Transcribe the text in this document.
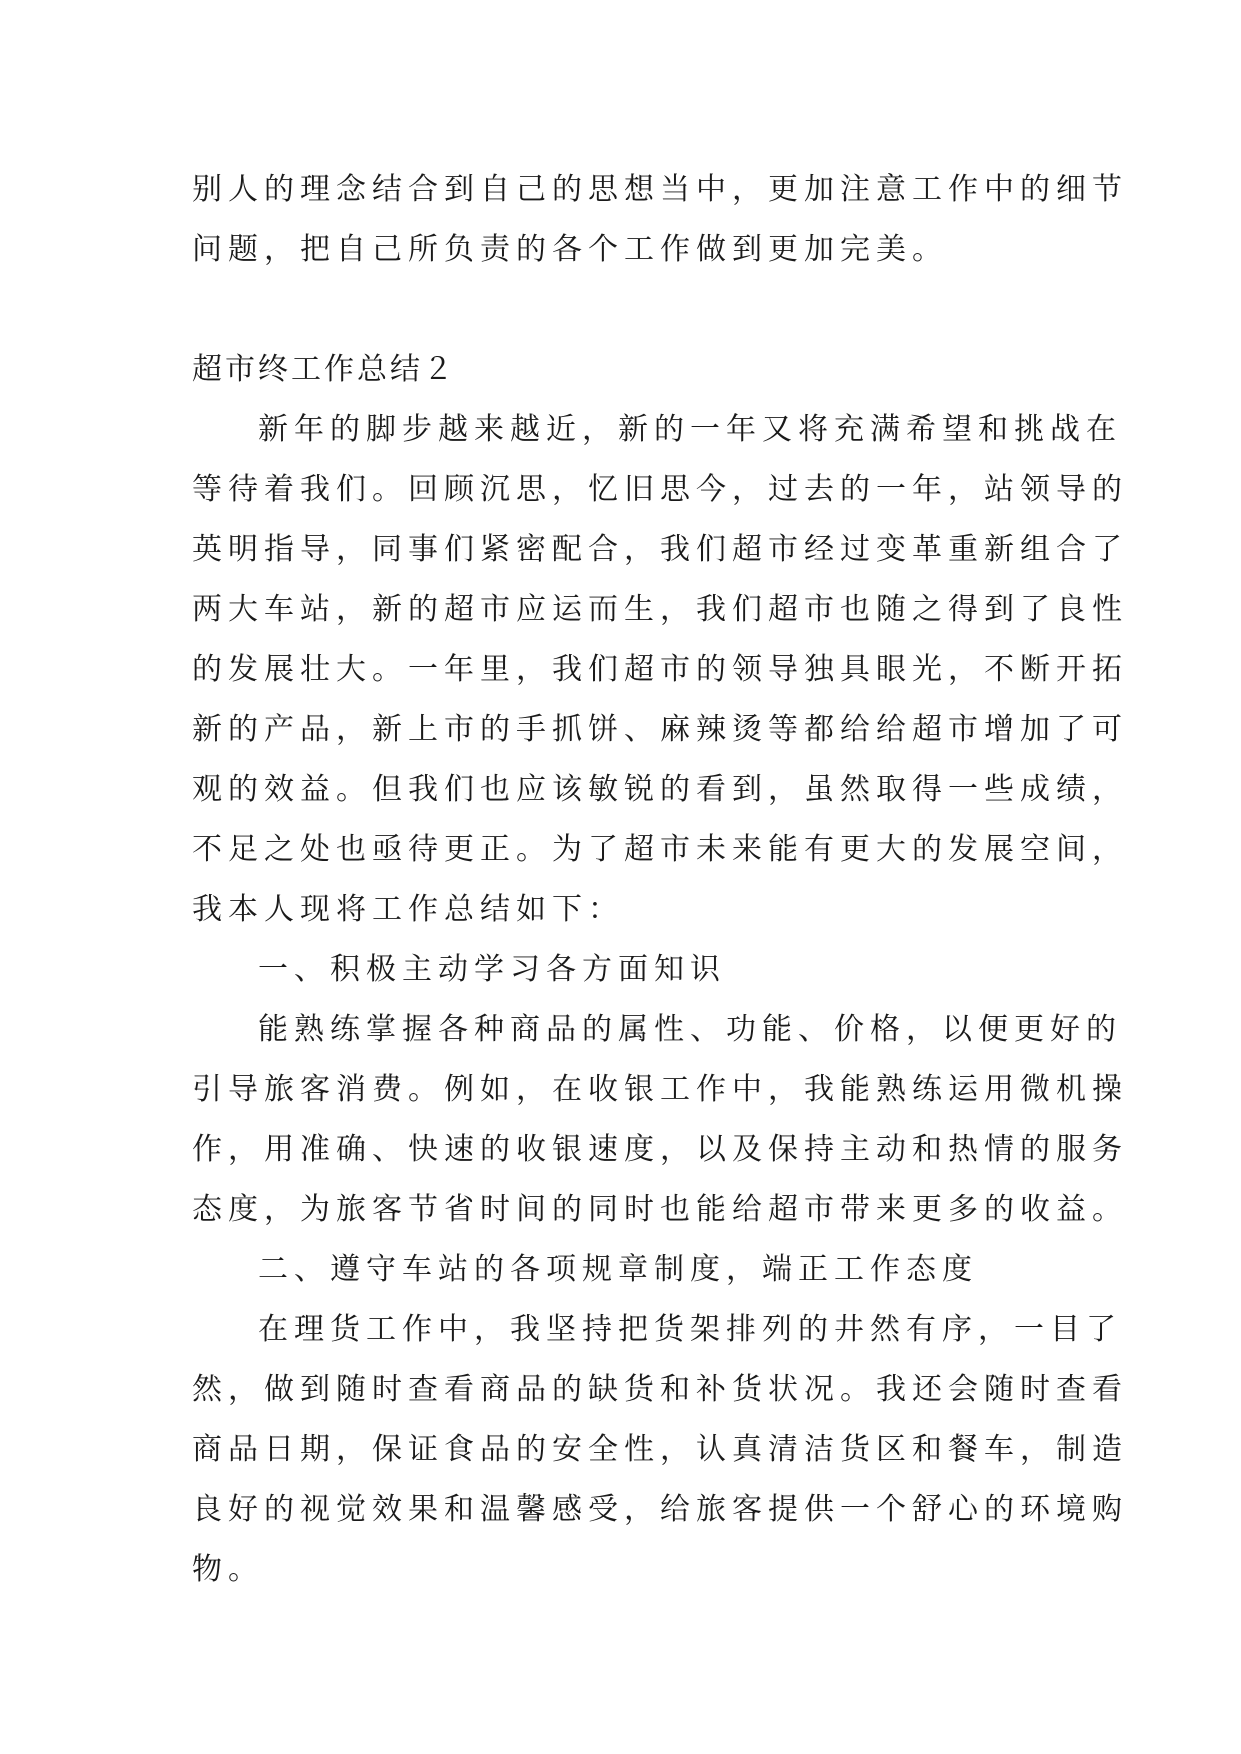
别人的理念结合到自己的思想当中，更加注意工作中的细节

问题，把自己所负责的各个工作做到更加完美。

超市终工作总结２

新年的脚步越来越近，新的一年又将充满希望和挑战在

等待着我们。回顾沉思，忆旧思今，过去的一年，站领导的

英明指导，同事们紧密配合，我们超市经过变革重新组合了

两大车站，新的超市应运而生，我们超市也随之得到了良性

的发展壮大。一年里，我们超市的领导独具眼光，不断开拓

新的产品，新上市的手抓饼、麻辣烫等都给给超市增加了可

观的效益。但我们也应该敏锐的看到，虽然取得一些成绩，

不足之处也亟待更正。为了超市未来能有更大的发展空间，

我本人现将工作总结如下：

一、积极主动学习各方面知识

能熟练掌握各种商品的属性、功能、价格，以便更好的

引导旅客消费。例如，在收银工作中，我能熟练运用微机操

作，用准确、快速的收银速度，以及保持主动和热情的服务

态度，为旅客节省时间的同时也能给超市带来更多的收益。

二、遵守车站的各项规章制度，端正工作态度

在理货工作中，我坚持把货架排列的井然有序，一目了

然，做到随时查看商品的缺货和补货状况。我还会随时查看

商品日期，保证食品的安全性，认真清洁货区和餐车，制造

良好的视觉效果和温馨感受，给旅客提供一个舒心的环境购

物。
